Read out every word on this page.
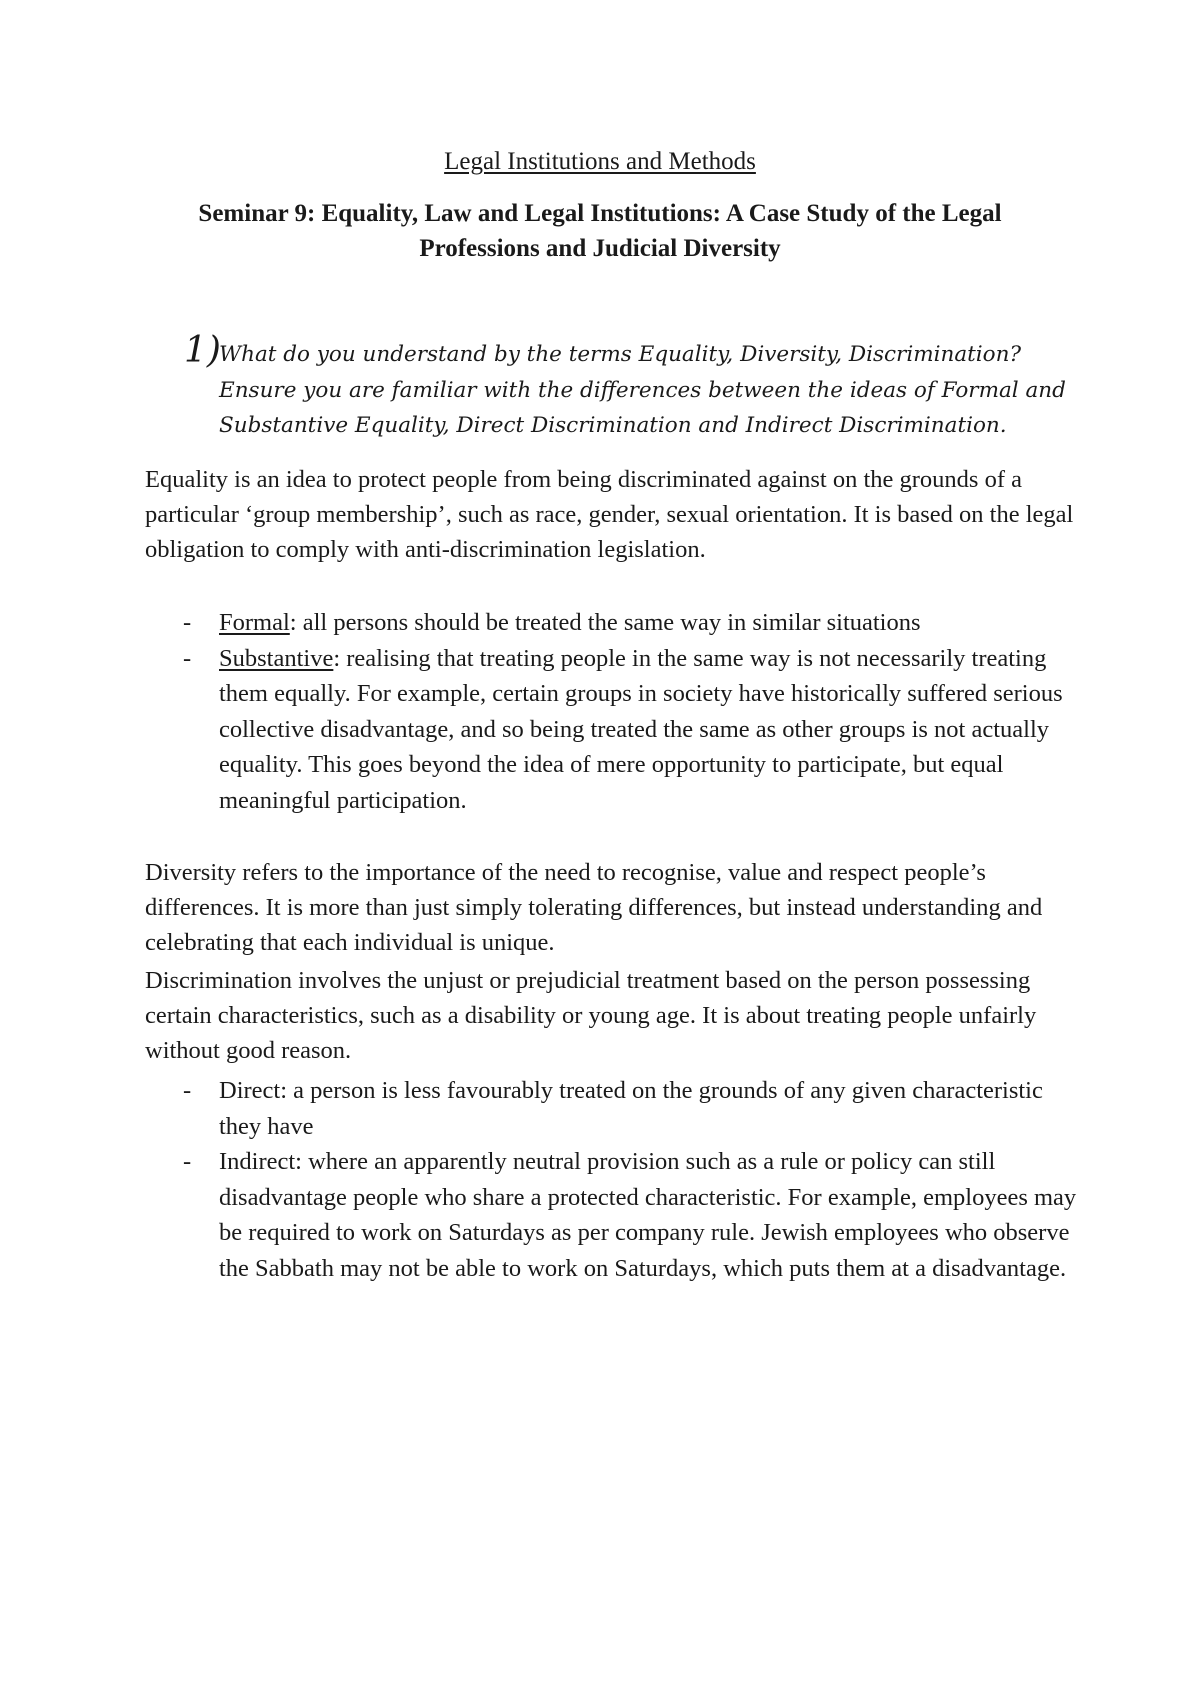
Legal Institutions and Methods
Seminar 9: Equality, Law and Legal Institutions: A Case Study of the Legal Professions and Judicial Diversity
1)
What do you understand by the terms Equality, Diversity, Discrimination? Ensure you are familiar with the differences between the ideas of Formal and Substantive Equality, Direct Discrimination and Indirect Discrimination.

Equality is an idea to protect people from being discriminated against on the grounds of a particular ‘group membership’, such as race, gender, sexual orientation. It is based on the legal obligation to comply with anti-discrimination legislation.

- Formal: all persons should be treated the same way in similar situations
- Substantive: realising that treating people in the same way is not necessarily treating them equally. For example, certain groups in society have historically suffered serious collective disadvantage, and so being treated the same as other groups is not actually equality. This goes beyond the idea of mere opportunity to participate, but equal meaningful participation.

Diversity refers to the importance of the need to recognise, value and respect people’s differences. It is more than just simply tolerating differences, but instead understanding and celebrating that each individual is unique.

Discrimination involves the unjust or prejudicial treatment based on the person possessing certain characteristics, such as a disability or young age. It is about treating people unfairly without good reason.

- Direct: a person is less favourably treated on the grounds of any given characteristic they have
- Indirect: where an apparently neutral provision such as a rule or policy can still disadvantage people who share a protected characteristic. For example, employees may be required to work on Saturdays as per company rule. Jewish employees who observe the Sabbath may not be able to work on Saturdays, which puts them at a disadvantage.
